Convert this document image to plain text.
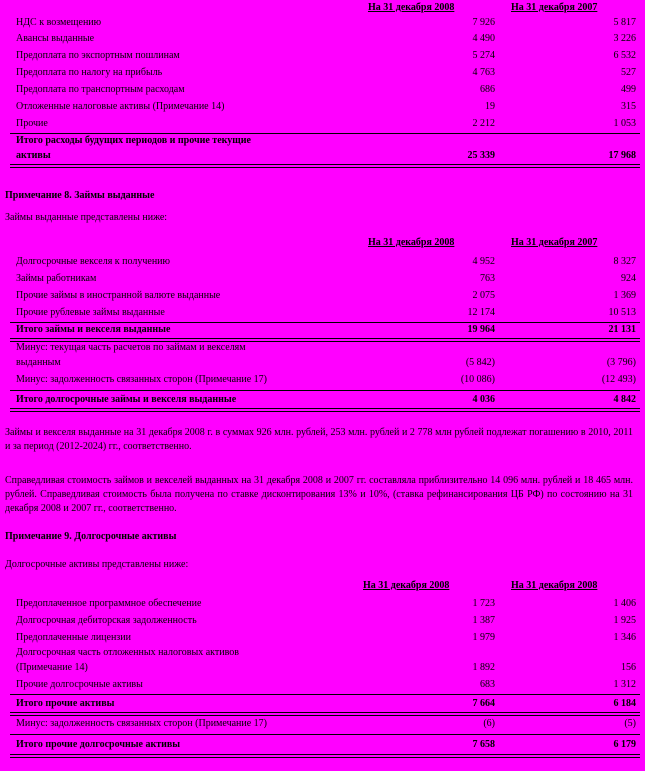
На 31 декабря 2008	На 31 декабря 2007
НДС к возмещению	7 926	5 817
Авансы выданные	4 490	3 226
Предоплата по экспортным пошлинам	5 274	6 532
Предоплата по налогу на прибыль	4 763	527
Предоплата по транспортным расходам	686	499
Отложенные налоговые активы (Примечание 14)	19	315
Прочие	2 212	1 053
Итого расходы будущих периодов и прочие текущие
активы	25 339	17 968
Примечание 8. Займы выданные
Займы выданные представлены ниже:
На 31 декабря 2008	На 31 декабря 2007
Долгосрочные векселя к получению	4 952	8 327
Займы работникам	763	924
Прочие займы в иностранной валюте выданные	2 075	1 369
Прочие рублевые займы выданные	12 174	10 513
Итого займы и векселя выданные	19 964	21 131
Минус: текущая часть расчетов по займам и векселям
выданным	(5 842)	(3 796)
Минус: задолженность связанных сторон (Примечание 17)	(10 086)	(12 493)
Итого долгосрочные займы и векселя выданные	4 036	4 842
Займы и векселя выданные на 31 декабря 2008 г. в суммах 926 млн. рублей, 253 млн. рублей и 2 778 млн рублей подлежат погашению в 2010, 2011 и за период (2012-2024) гг., соответственно.
Справедливая стоимость займов и векселей выданных на 31 декабря 2008 и 2007 гг. составляла приблизительно 14 096 млн. рублей и 18 465 млн. рублей. Справедливая стоимость была получена по ставке дисконтирования 13% и 10%, (ставка рефинансирования ЦБ РФ) по состоянию на 31 декабря 2008 и 2007 гг., соответственно.
Примечание 9. Долгосрочные активы
Долгосрочные активы представлены ниже:
На 31 декабря 2008	На 31 декабря 2008
Предоплаченное программное обеспечение	1 723	1 406
Долгосрочная дебиторская задолженность	1 387	1 925
Предоплаченные лицензии	1 979	1 346
Долгосрочная часть отложенных налоговых активов
(Примечание 14)	1 892	156
Прочие долгосрочные активы	683	1 312
Итого прочие активы	7 664	6 184
Минус: задолженность связанных сторон (Примечание 17)	(6)	(5)
Итого прочие долгосрочные активы	7 658	6 179
